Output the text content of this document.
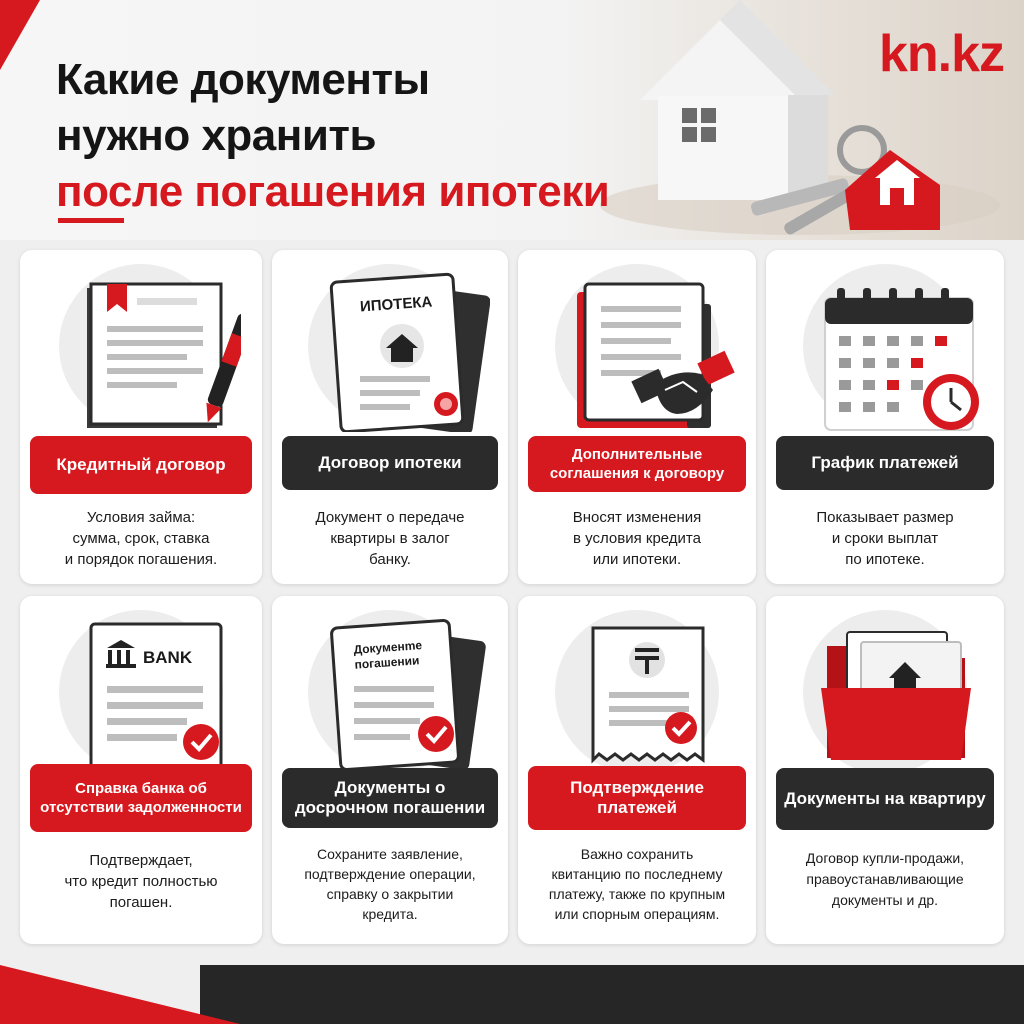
Какие документы
нужно хранить
после погашения ипотеки
kn.kz
Кредитный договор
Условия займа:
сумма, срок, ставка
и порядок погашения.
ИПОТЕКА
Договор ипотеки
Документ о передаче
квартиры в залог
банку.
Дополнительные соглашения к договору
Вносят изменения
в условия кредита
или ипотеки.
График платежей
Показывает размер
и сроки выплат
по ипотеке.
BANK
Справка банка об отсутствии задолженности
Подтверждает,
что кредит полностью
погашен.
Докуменmе погашении
Документы о досрочном погашении
Сохраните заявление,
подтверждение операции,
справку о закрытии
кредита.
Подтверждение платежей
Важно сохранить
квитанцию по последнему
платежу, также по крупным
или спорным операциям.
Документы на квартиру
Договор купли-продажи,
правоустанавливающие
документы и др.
